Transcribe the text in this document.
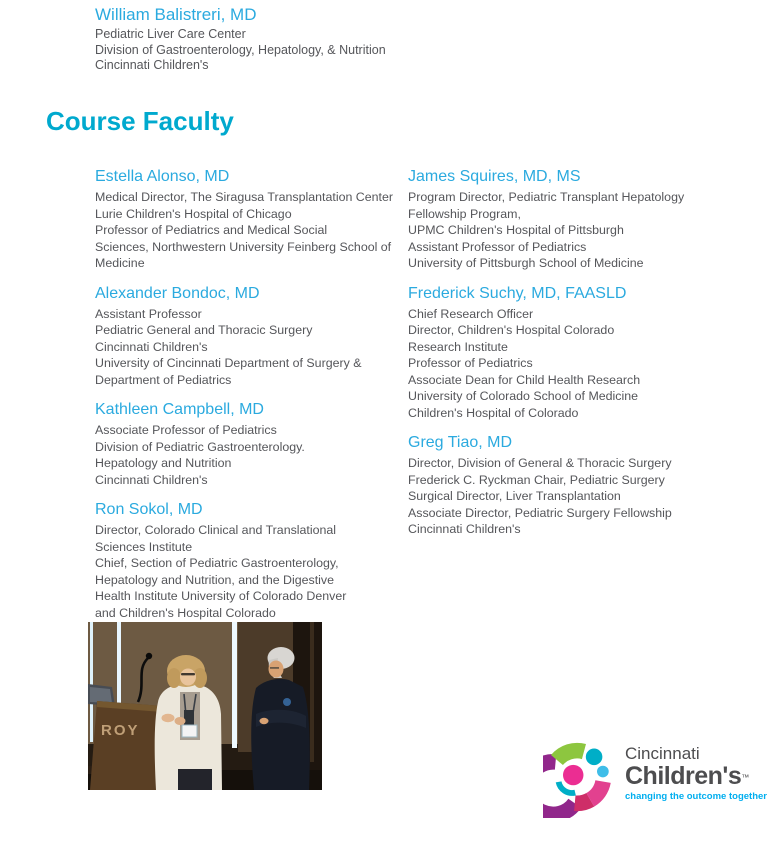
William Balistreri, MD
Pediatric Liver Care Center
Division of Gastroenterology, Hepatology, & Nutrition
Cincinnati Children's
Course Faculty
Estella Alonso, MD
Medical Director, The Siragusa Transplantation Center
Lurie Children's Hospital of Chicago
Professor of Pediatrics and Medical Social
Sciences, Northwestern University Feinberg School of
Medicine
Alexander Bondoc, MD
Assistant Professor
Pediatric General and Thoracic Surgery
Cincinnati Children's
University of Cincinnati Department of Surgery &
Department of Pediatrics
Kathleen Campbell, MD
Associate Professor of Pediatrics
Division of Pediatric Gastroenterology.
Hepatology and Nutrition
Cincinnati Children's
Ron Sokol, MD
Director, Colorado Clinical and Translational
Sciences Institute
Chief, Section of Pediatric Gastroenterology,
Hepatology and Nutrition, and the Digestive
Health Institute University of Colorado Denver
and Children's Hospital Colorado
James Squires, MD, MS
Program Director, Pediatric Transplant Hepatology
Fellowship Program,
UPMC Children's Hospital of Pittsburgh
Assistant Professor of Pediatrics
University of Pittsburgh School of Medicine
Frederick Suchy, MD, FAASLD
Chief Research Officer
Director, Children's Hospital Colorado
Research Institute
Professor of Pediatrics
Associate Dean for Child Health Research
University of Colorado School of Medicine
Children's Hospital of Colorado
Greg Tiao, MD
Director, Division of General & Thoracic Surgery
Frederick C. Ryckman Chair, Pediatric Surgery
Surgical Director, Liver Transplantation
Associate Director, Pediatric Surgery Fellowship
Cincinnati Children's
ROY
Cincinnati
Children's™
changing the outcome together
